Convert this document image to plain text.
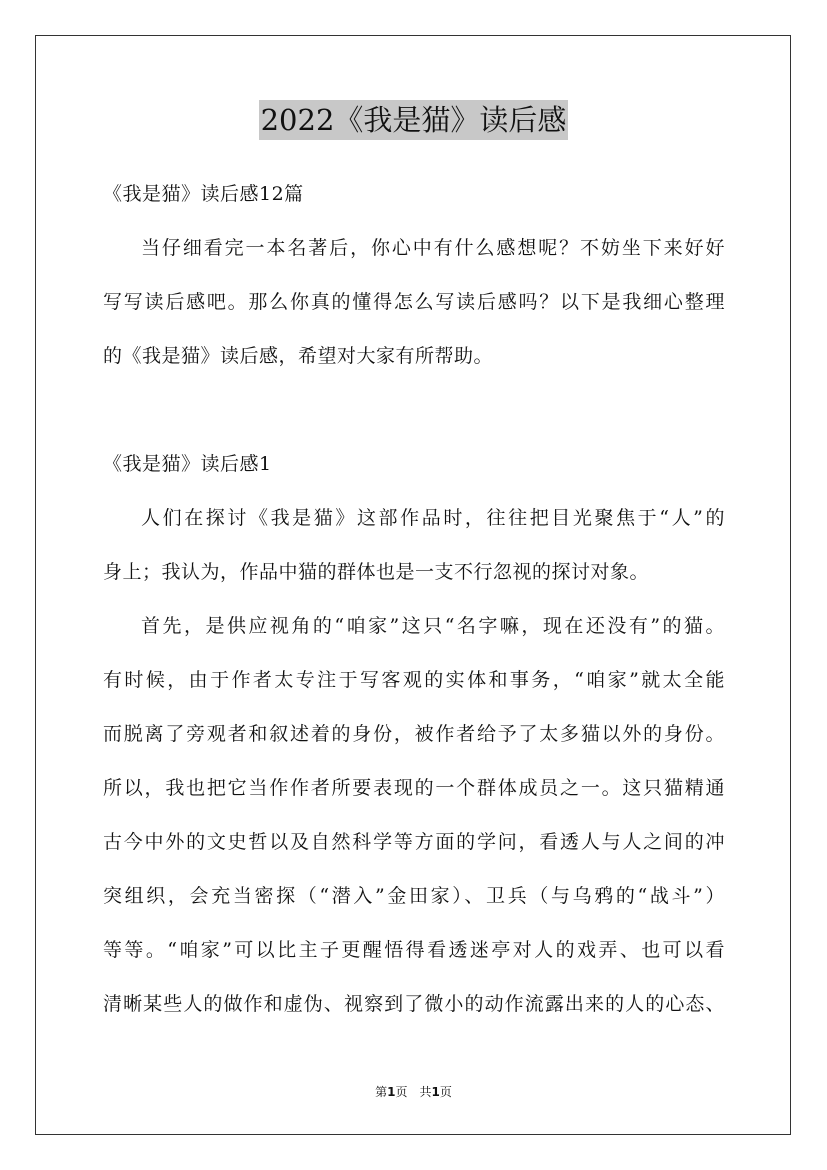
2022《我是猫》读后感
《我是猫》读后感12篇
当仔细看完一本名著后，你心中有什么感想呢？不妨坐下来好好
写写读后感吧。那么你真的懂得怎么写读后感吗？以下是我细心整理
的《我是猫》读后感，希望对大家有所帮助。
《我是猫》读后感1
人们在探讨《我是猫》这部作品时，往往把目光聚焦于“人”的
身上；我认为，作品中猫的群体也是一支不行忽视的探讨对象。
首先，是供应视角的“咱家”这只“名字嘛，现在还没有”的猫。
有时候，由于作者太专注于写客观的实体和事务，“咱家”就太全能
而脱离了旁观者和叙述着的身份，被作者给予了太多猫以外的身份。
所以，我也把它当作作者所要表现的一个群体成员之一。这只猫精通
古今中外的文史哲以及自然科学等方面的学问，看透人与人之间的冲
突组织，会充当密探（“潜入”金田家）、卫兵（与乌鸦的“战斗”）
等等。“咱家”可以比主子更醒悟得看透迷亭对人的戏弄、也可以看
清晰某些人的做作和虚伪、视察到了微小的动作流露出来的人的心态、
第1页 共1页
